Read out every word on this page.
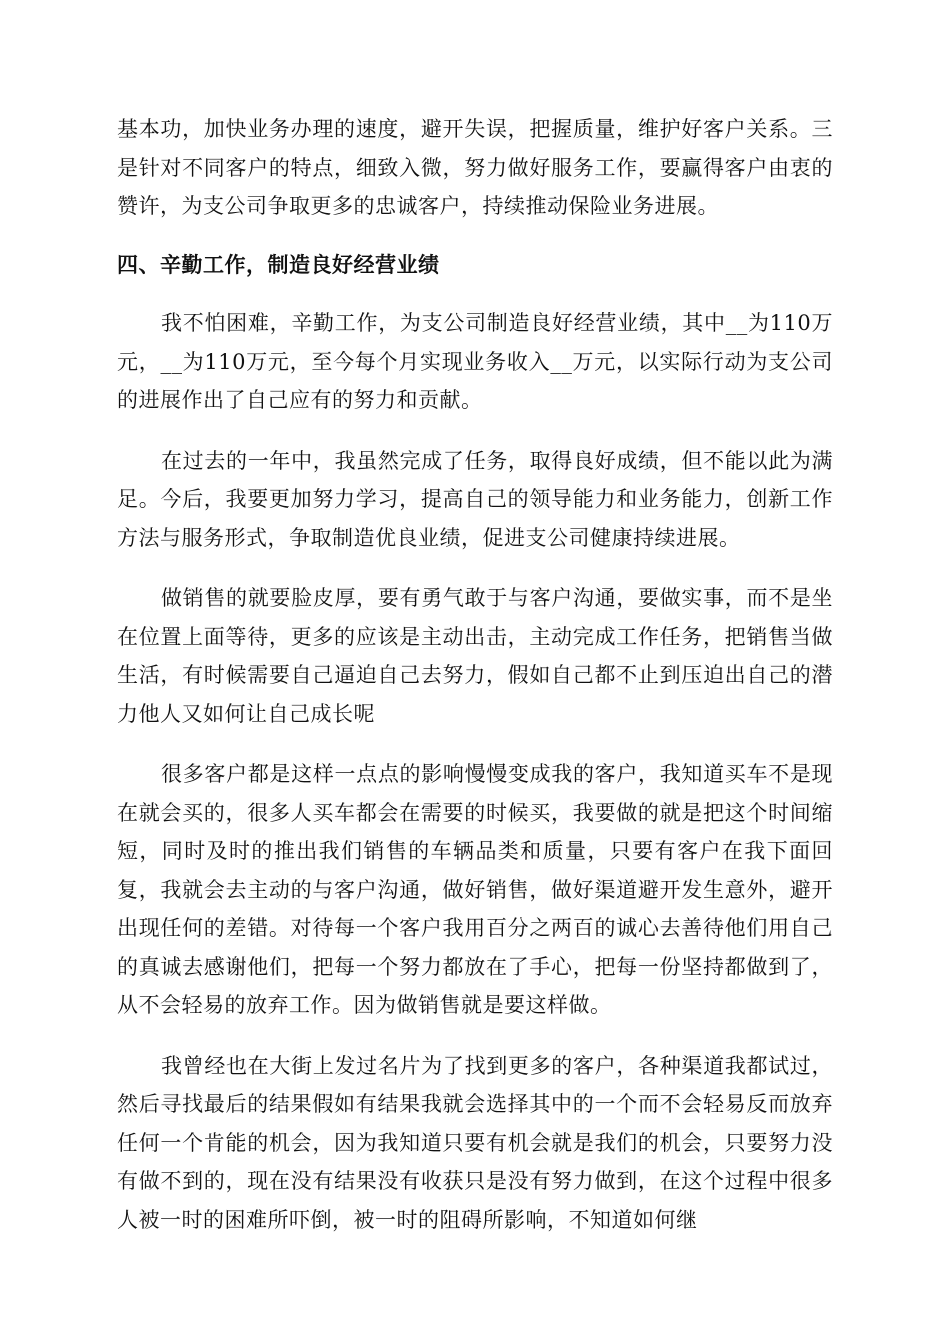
基本功，加快业务办理的速度，避开失误，把握质量，维护好客户关系。三是针对不同客户的特点，细致入微，努力做好服务工作，要赢得客户由衷的赞许，为支公司争取更多的忠诚客户，持续推动保险业务进展。

四、辛勤工作，制造良好经营业绩

我不怕困难，辛勤工作，为支公司制造良好经营业绩，其中__为110万元，__为110万元，至今每个月实现业务收入__万元，以实际行动为支公司的进展作出了自己应有的努力和贡献。

在过去的一年中，我虽然完成了任务，取得良好成绩，但不能以此为满足。今后，我要更加努力学习，提高自己的领导能力和业务能力，创新工作方法与服务形式，争取制造优良业绩，促进支公司健康持续进展。

做销售的就要脸皮厚，要有勇气敢于与客户沟通，要做实事，而不是坐在位置上面等待，更多的应该是主动出击，主动完成工作任务，把销售当做生活，有时候需要自己逼迫自己去努力，假如自己都不止到压迫出自己的潜力他人又如何让自己成长呢

很多客户都是这样一点点的影响慢慢变成我的客户，我知道买车不是现在就会买的，很多人买车都会在需要的时候买，我要做的就是把这个时间缩短，同时及时的推出我们销售的车辆品类和质量，只要有客户在我下面回复，我就会去主动的与客户沟通，做好销售，做好渠道避开发生意外，避开出现任何的差错。对待每一个客户我用百分之两百的诚心去善待他们用自己的真诚去感谢他们，把每一个努力都放在了手心，把每一份坚持都做到了，从不会轻易的放弃工作。因为做销售就是要这样做。

我曾经也在大街上发过名片为了找到更多的客户，各种渠道我都试过，然后寻找最后的结果假如有结果我就会选择其中的一个而不会轻易反而放弃任何一个肯能的机会，因为我知道只要有机会就是我们的机会，只要努力没有做不到的，现在没有结果没有收获只是没有努力做到，在这个过程中很多人被一时的困难所吓倒，被一时的阻碍所影响，不知道如何继
